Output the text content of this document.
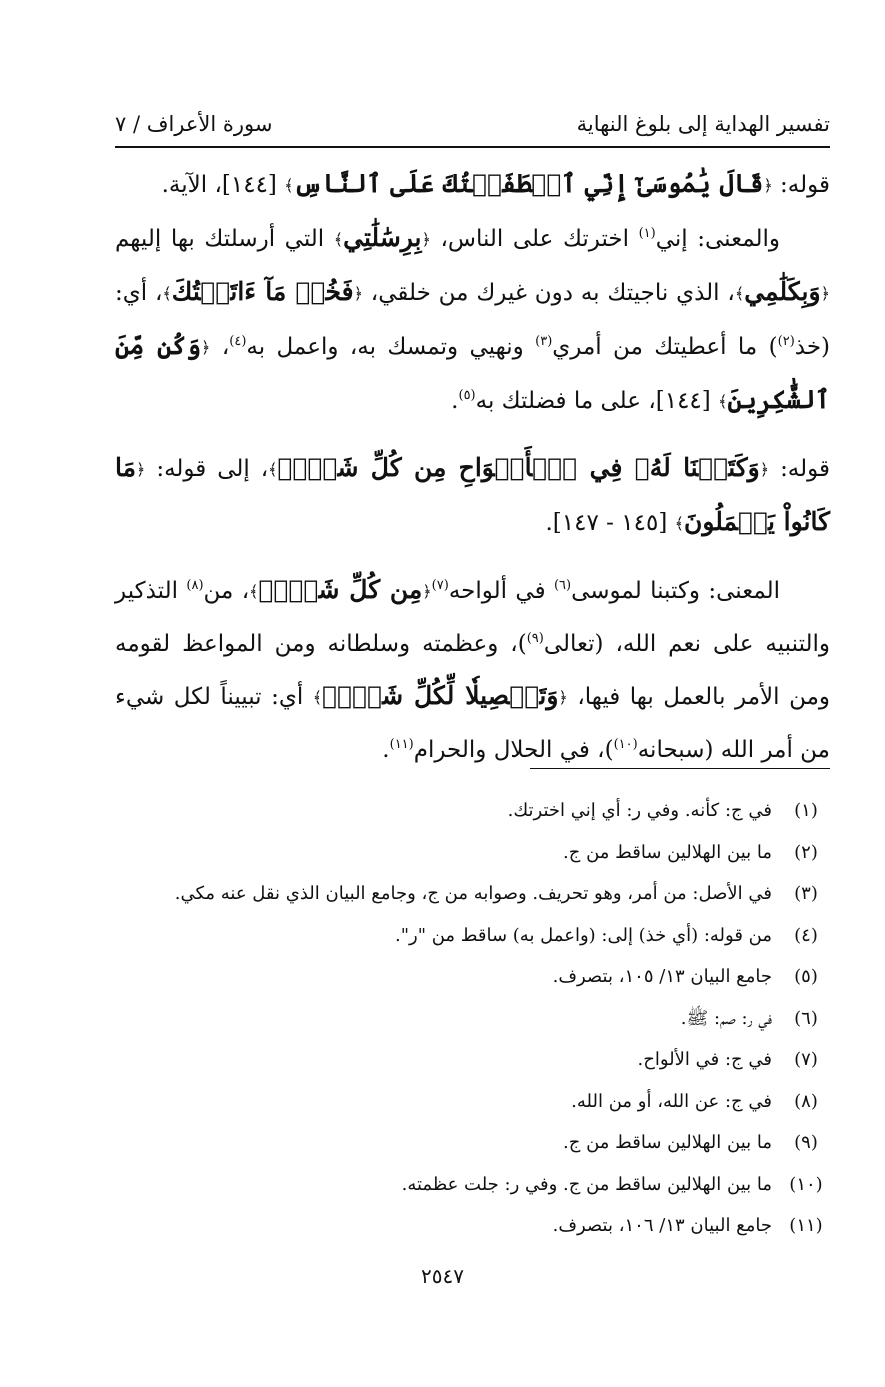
تفسير الهداية إلى بلوغ النهاية
سورة الأعراف / ٧

قوله: ﴿قَالَ يَٰمُوسَىٰٓ إِنِّي ٱصۡطَفَيۡتُكَ عَلَى ٱلنَّاسِ﴾ [١٤٤]، الآية.

والمعنى: إني$^{(١)}$ اخترتك على الناس، ﴿بِرِسَٰلَٰتِي﴾ التي أرسلتك بها إليهم ﴿وَبِكَلَٰمِي﴾، الذي ناجيتك به دون غيرك من خلقي، ﴿فَخُذۡ مَآ ءَاتَيۡتُكَ﴾، أي: (خذ$^{(٢)}$) ما أعطيتك من أمري$^{(٣)}$ ونهيي وتمسك به، واعمل به$^{(٤)}$، ﴿وَكُن مِّنَ ٱلشَّٰكِرِينَ﴾ [١٤٤]، على ما فضلتك به$^{(٥)}$.

قوله: ﴿وَكَتَبۡنَا لَهُۥ فِي ٱلۡأَلۡوَاحِ مِن كُلِّ شَيۡءٖ﴾، إلى قوله: ﴿مَا كَانُواْ يَعۡمَلُونَ﴾ [١٤٥ - ١٤٧].

المعنى: وكتبنا لموسى$^{(٦)}$ في ألواحه$^{(٧)}$﴿مِن كُلِّ شَيۡءٖ﴾، من$^{(٨)}$ التذكير والتنبيه على نعم الله، (تعالى$^{(٩)}$)، وعظمته وسلطانه ومن المواعظ لقومه ومن الأمر بالعمل بها فيها، ﴿وَتَفۡصِيلٗا لِّكُلِّ شَيۡءٖ﴾ أي: تبييناً لكل شيء من أمر الله (سبحانه$^{(١٠)}$)، في الحلال والحرام$^{(١١)}$.

(١)
في ج: كأنه. وفي ر: أي إني اخترتك.
(٢)
ما بين الهلالين ساقط من ج.
(٣)
في الأصل: من أمر، وهو تحريف. وصوابه من ج، وجامع البيان الذي نقل عنه مكي.
(٤)
من قوله: (أي خذ) إلى: (واعمل به) ساقط من "ر".
(٥)
جامع البيان ١٣/ ١٠٥، بتصرف.
(٦)
في ر: صم: ﷺ.
(٧)
في ج: في الألواح.
(٨)
في ج: عن الله، أو من الله.
(٩)
ما بين الهلالين ساقط من ج.
(١٠)
ما بين الهلالين ساقط من ج. وفي ر: جلت عظمته.
(١١)
جامع البيان ١٣/ ١٠٦، بتصرف.
٢٥٤٧
